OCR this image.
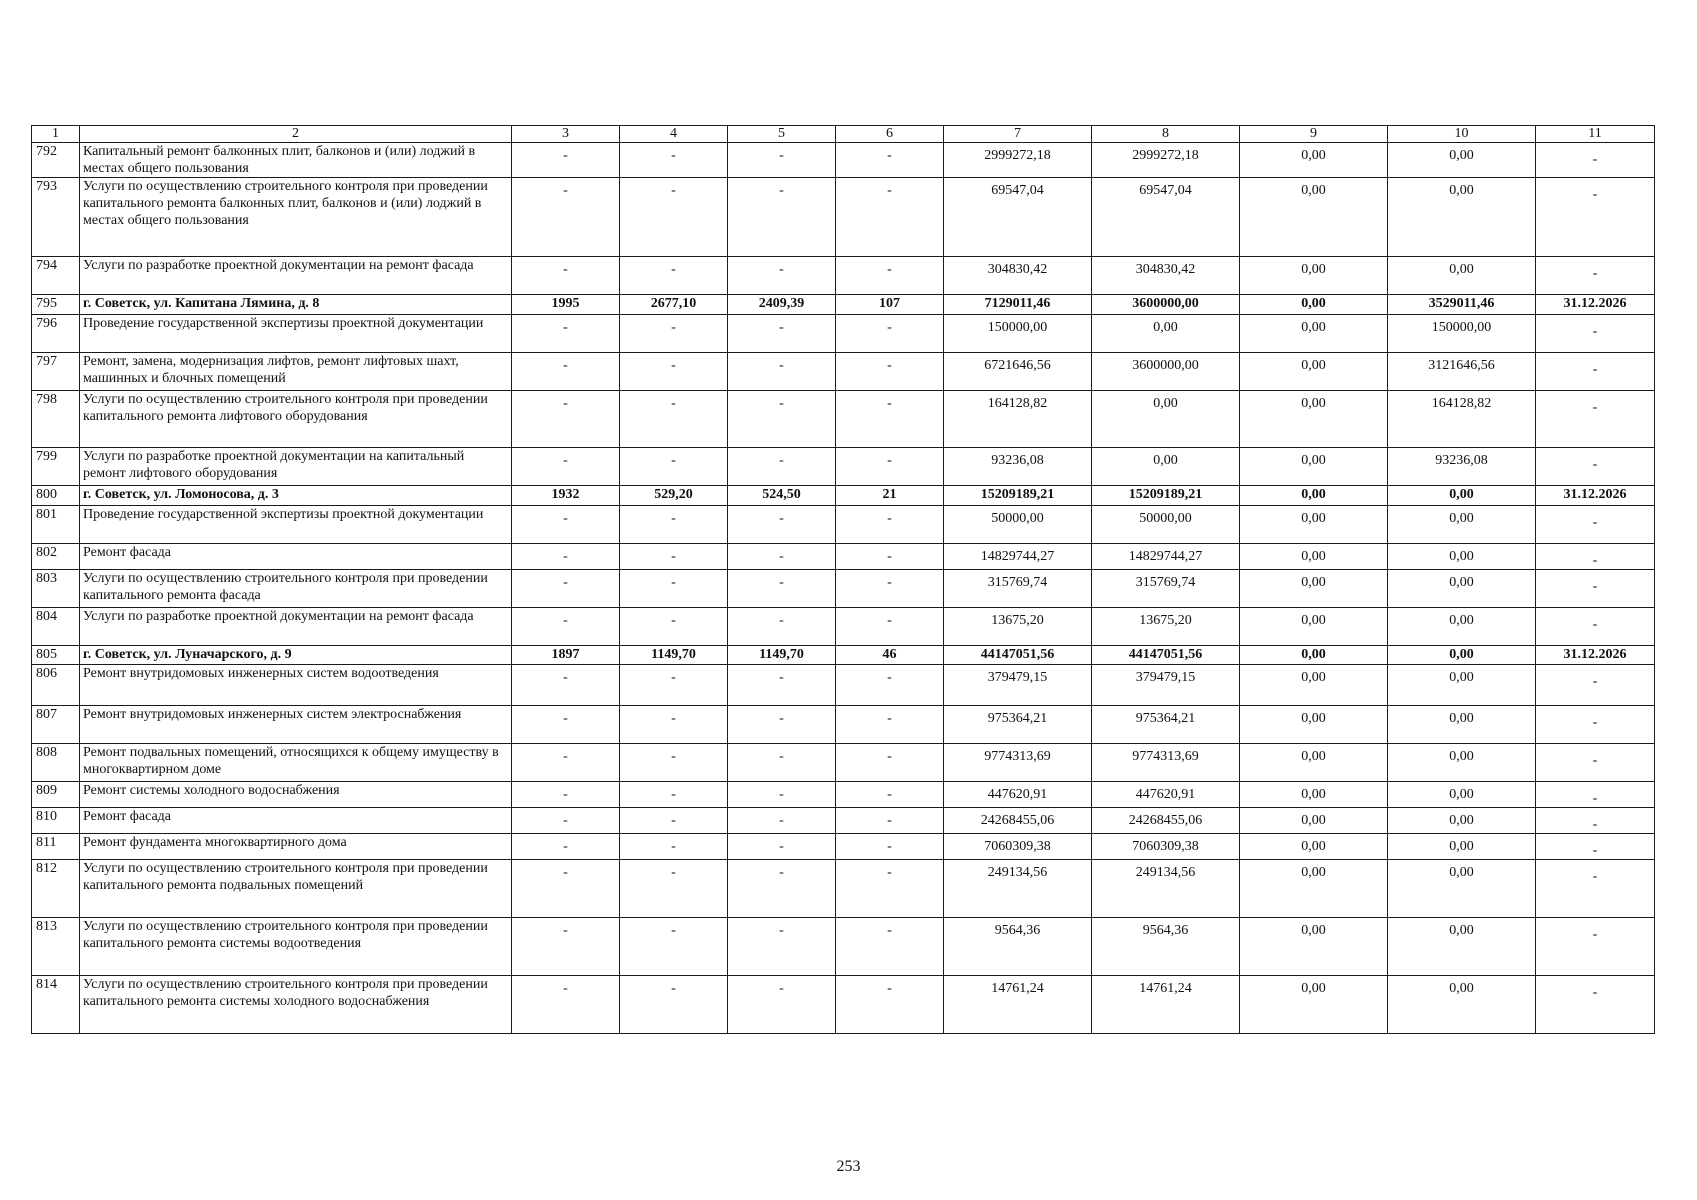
1	2	3	4	5	6	7	8	9	10	11
792	Капитальный ремонт балконных плит, балконов и (или) лоджий в местах общего пользования	-	-	-	-	2999272,18	2999272,18	0,00	0,00	-
793	Услуги по осуществлению строительного контроля при проведении капитального ремонта балконных плит, балконов и (или) лоджий в местах общего пользования	-	-	-	-	69547,04	69547,04	0,00	0,00	-
794	Услуги по разработке проектной документации на ремонт фасада	-	-	-	-	304830,42	304830,42	0,00	0,00	-
795	г. Советск, ул. Капитана Лямина, д. 8	1995	2677,10	2409,39	107	7129011,46	3600000,00	0,00	3529011,46	31.12.2026
796	Проведение государственной экспертизы проектной документации	-	-	-	-	150000,00	0,00	0,00	150000,00	-
797	Ремонт, замена, модернизация лифтов, ремонт лифтовых шахт, машинных и блочных помещений	-	-	-	-	6721646,56	3600000,00	0,00	3121646,56	-
798	Услуги по осуществлению строительного контроля при проведении капитального ремонта лифтового оборудования	-	-	-	-	164128,82	0,00	0,00	164128,82	-
799	Услуги по разработке проектной документации на капитальный ремонт лифтового оборудования	-	-	-	-	93236,08	0,00	0,00	93236,08	-
800	г. Советск, ул. Ломоносова, д. 3	1932	529,20	524,50	21	15209189,21	15209189,21	0,00	0,00	31.12.2026
801	Проведение государственной экспертизы проектной документации	-	-	-	-	50000,00	50000,00	0,00	0,00	-
802	Ремонт фасада	-	-	-	-	14829744,27	14829744,27	0,00	0,00	-
803	Услуги по осуществлению строительного контроля при проведении капитального ремонта фасада	-	-	-	-	315769,74	315769,74	0,00	0,00	-
804	Услуги по разработке проектной документации на ремонт фасада	-	-	-	-	13675,20	13675,20	0,00	0,00	-
805	г. Советск, ул. Луначарского, д. 9	1897	1149,70	1149,70	46	44147051,56	44147051,56	0,00	0,00	31.12.2026
806	Ремонт внутридомовых инженерных систем водоотведения	-	-	-	-	379479,15	379479,15	0,00	0,00	-
807	Ремонт внутридомовых инженерных систем электроснабжения	-	-	-	-	975364,21	975364,21	0,00	0,00	-
808	Ремонт подвальных помещений, относящихся к общему имуществу в многоквартирном доме	-	-	-	-	9774313,69	9774313,69	0,00	0,00	-
809	Ремонт системы холодного водоснабжения	-	-	-	-	447620,91	447620,91	0,00	0,00	-
810	Ремонт фасада	-	-	-	-	24268455,06	24268455,06	0,00	0,00	-
811	Ремонт фундамента многоквартирного дома	-	-	-	-	7060309,38	7060309,38	0,00	0,00	-
812	Услуги по осуществлению строительного контроля при проведении капитального ремонта подвальных помещений	-	-	-	-	249134,56	249134,56	0,00	0,00	-
813	Услуги по осуществлению строительного контроля при проведении капитального ремонта системы водоотведения	-	-	-	-	9564,36	9564,36	0,00	0,00	-
814	Услуги по осуществлению строительного контроля при проведении капитального ремонта системы холодного водоснабжения	-	-	-	-	14761,24	14761,24	0,00	0,00	-
253
